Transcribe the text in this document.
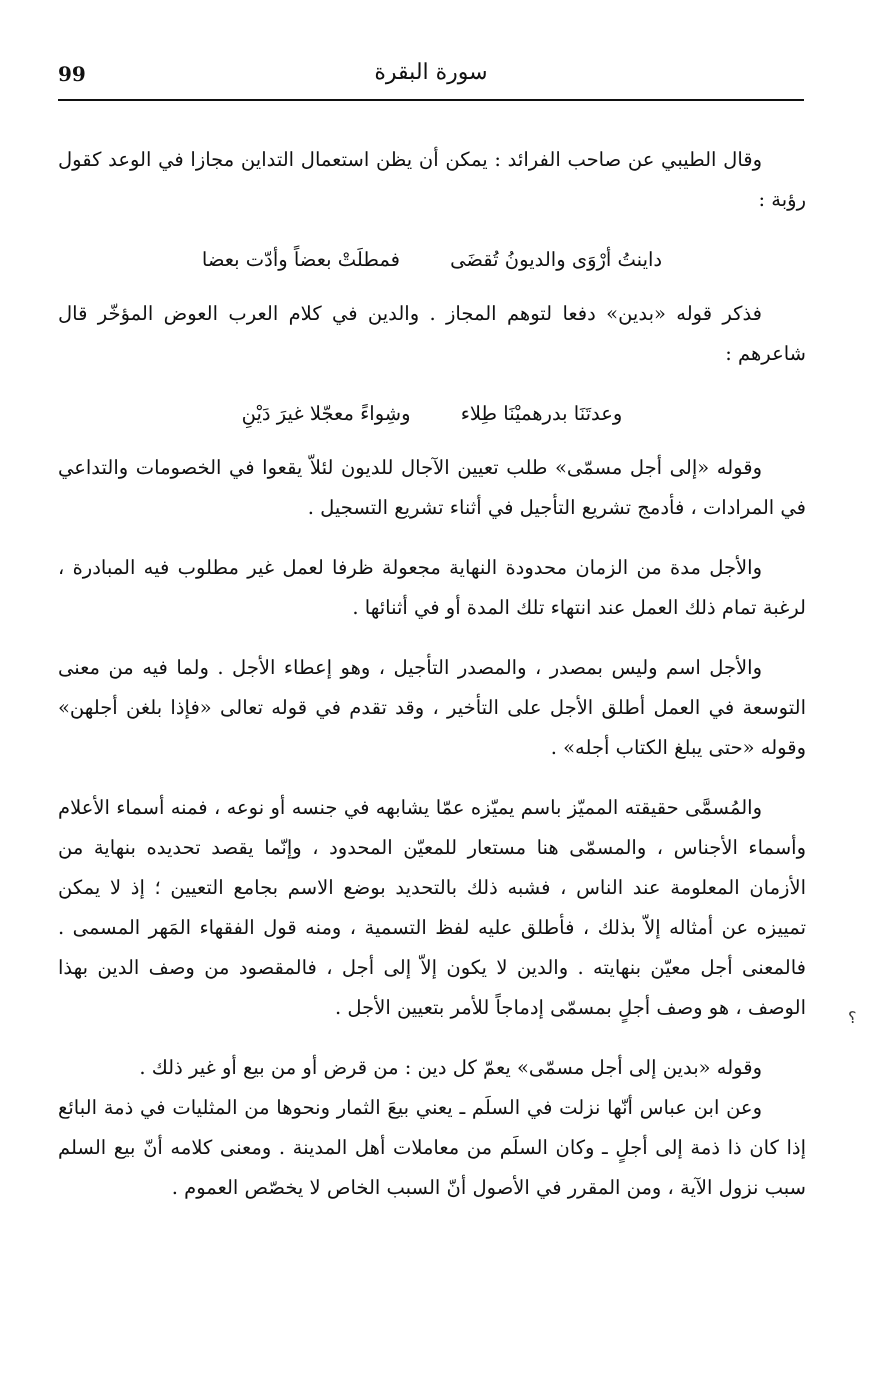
99	سورة البقرة

وقال الطيبي عن صاحب الفرائد : يمكن أن يظن استعمال التداين مجازا في الوعد كقول رؤبة :

داينتُ أرْوَى والديونُ تُقضَى فمطلَتْ بعضاً وأدّت بعضا

فذكر قوله «بدين» دفعا لتوهم المجاز . والدين في كلام العرب العوض المؤخّر قال شاعرهم :

وعدتَنَا بدرهميْنَا طِلاء وشِواءً معجّلا غيرَ دَيْنِ

وقوله «إلى أجل مسمّى» طلب تعيين الآجال للديون لئلاّ يقعوا في الخصومات والتداعي في المرادات ، فأدمج تشريع التأجيل في أثناء تشريع التسجيل .

والأجل مدة من الزمان محدودة النهاية مجعولة ظرفا لعمل غير مطلوب فيه المبادرة ، لرغبة تمام ذلك العمل عند انتهاء تلك المدة أو في أثنائها .

والأجل اسم وليس بمصدر ، والمصدر التأجيل ، وهو إعطاء الأجل . ولما فيه من معنى التوسعة في العمل أطلق الأجل على التأخير ، وقد تقدم في قوله تعالى «فإذا بلغن أجلهن» وقوله «حتى يبلغ الكتاب أجله» .

والمُسمَّى حقيقته المميّز باسم يميّزه عمّا يشابهه في جنسه أو نوعه ، فمنه أسماء الأعلام وأسماء الأجناس ، والمسمّى هنا مستعار للمعيّن المحدود ، وإنّما يقصد تحديده بنهاية من الأزمان المعلومة عند الناس ، فشبه ذلك بالتحديد بوضع الاسم بجامع التعيين ؛ إذ لا يمكن تمييزه عن أمثاله إلاّ بذلك ، فأطلق عليه لفظ التسمية ، ومنه قول الفقهاء المَهر المسمى . فالمعنى أجل معيّن بنهايته . والدين لا يكون إلاّ إلى أجل ، فالمقصود من وصف الدين بهذا الوصف ، هو وصف أجلٍ بمسمّى إدماجاً للأمر بتعيين الأجل .

وقوله «بدين إلى أجل مسمّى» يعمّ كل دين : من قرض أو من بيع أو غير ذلك .

وعن ابن عباس أنّها نزلت في السلَم ـ يعني بيعَ الثمار ونحوها من المثليات في ذمة البائع إذا كان ذا ذمة إلى أجلٍ ـ وكان السلَم من معاملات أهل المدينة . ومعنى كلامه أنّ بيع السلم سبب نزول الآية ، ومن المقرر في الأصول أنّ السبب الخاص لا يخصّص العموم .

؟
